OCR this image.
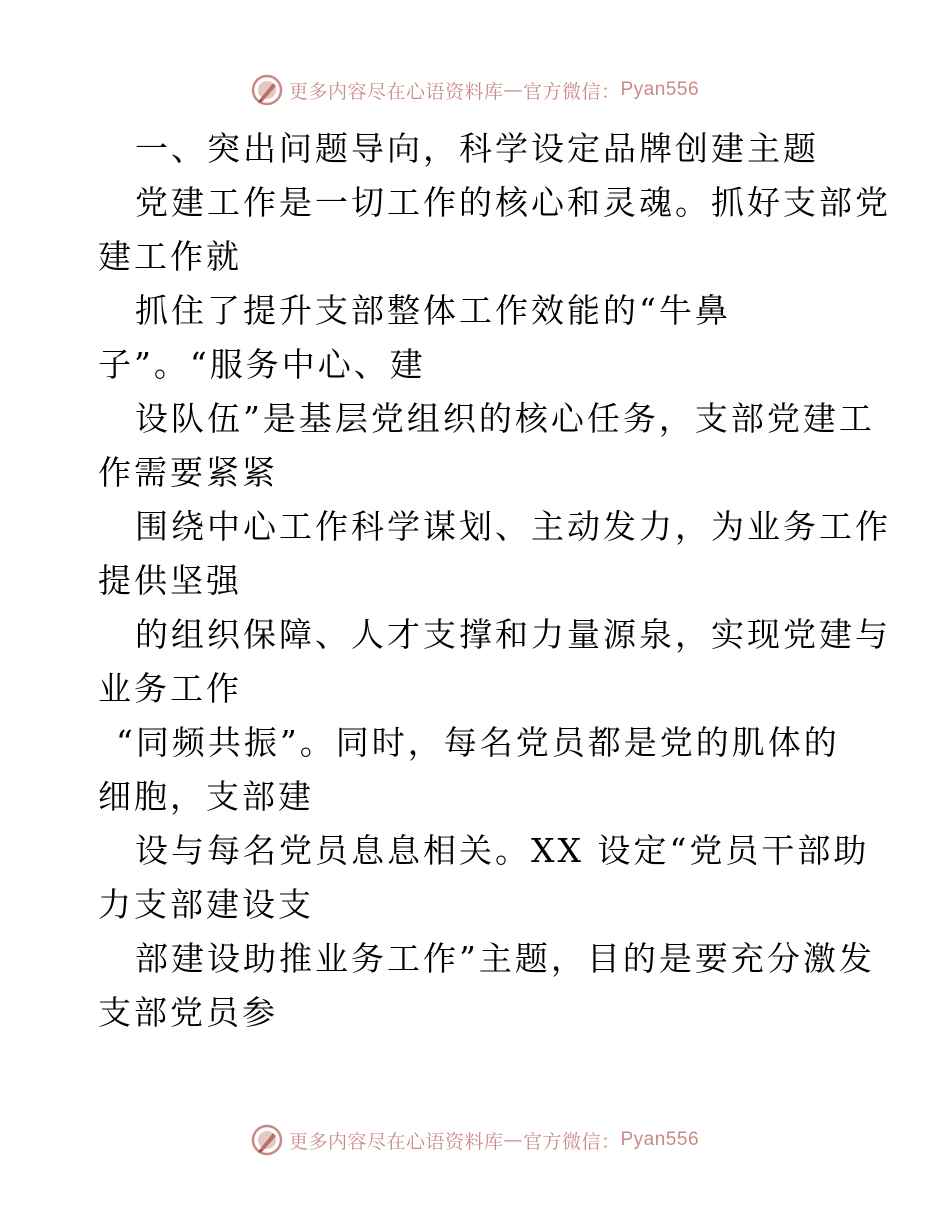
更多内容尽在心语资料库 — 官方微信： Pyan556
一、突出问题导向，科学设定品牌创建主题
党建工作是一切工作的核心和灵魂。抓好支部党
建工作就
抓住了提升支部整体工作效能的“牛鼻
子”。“服务中心、建
设队伍”是基层党组织的核心任务，支部党建工
作需要紧紧
围绕中心工作科学谋划、主动发力，为业务工作
提供坚强
的组织保障、人才支撑和力量源泉，实现党建与
业务工作
“同频共振”。同时，每名党员都是党的肌体的
细胞，支部建
设与每名党员息息相关。XX 设定“党员干部助
力支部建设支
部建设助推业务工作”主题，目的是要充分激发
支部党员参
更多内容尽在心语资料库 — 官方微信： Pyan556
